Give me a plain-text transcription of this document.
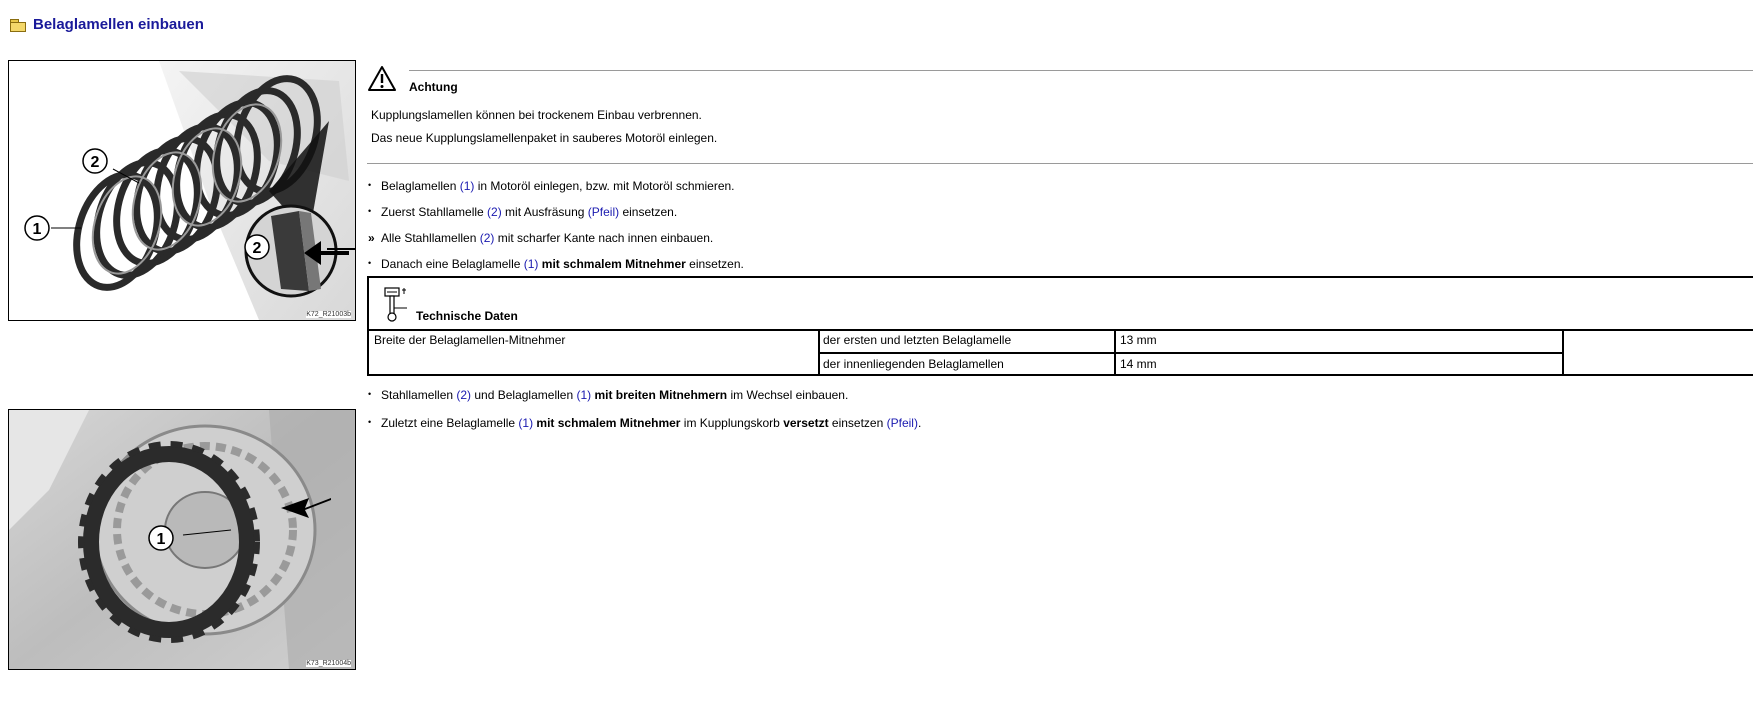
Belaglamellen einbauen
1
2
2
K72_R21003b
1
K73_R21004b
Achtung
Kupplungslamellen können bei trockenem Einbau verbrennen.
Das neue Kupplungslamellenpaket in sauberes Motoröl einlegen.
• Belaglamellen (1) in Motoröl einlegen, bzw. mit Motoröl schmieren.
• Zuerst Stahllamelle (2) mit Ausfräsung (Pfeil) einsetzen.
» Alle Stahllamellen (2) mit scharfer Kante nach innen einbauen.
• Danach eine Belaglamelle (1) mit schmalem Mitnehmer einsetzen.
Technische Daten
Breite der Belaglamellen-Mitnehmer	der ersten und letzten Belaglamelle	13 mm
der innenliegenden Belaglamellen	14 mm
• Stahllamellen (2) und Belaglamellen (1) mit breiten Mitnehmern im Wechsel einbauen.
• Zuletzt eine Belaglamelle (1) mit schmalem Mitnehmer im Kupplungskorb versetzt einsetzen (Pfeil).
